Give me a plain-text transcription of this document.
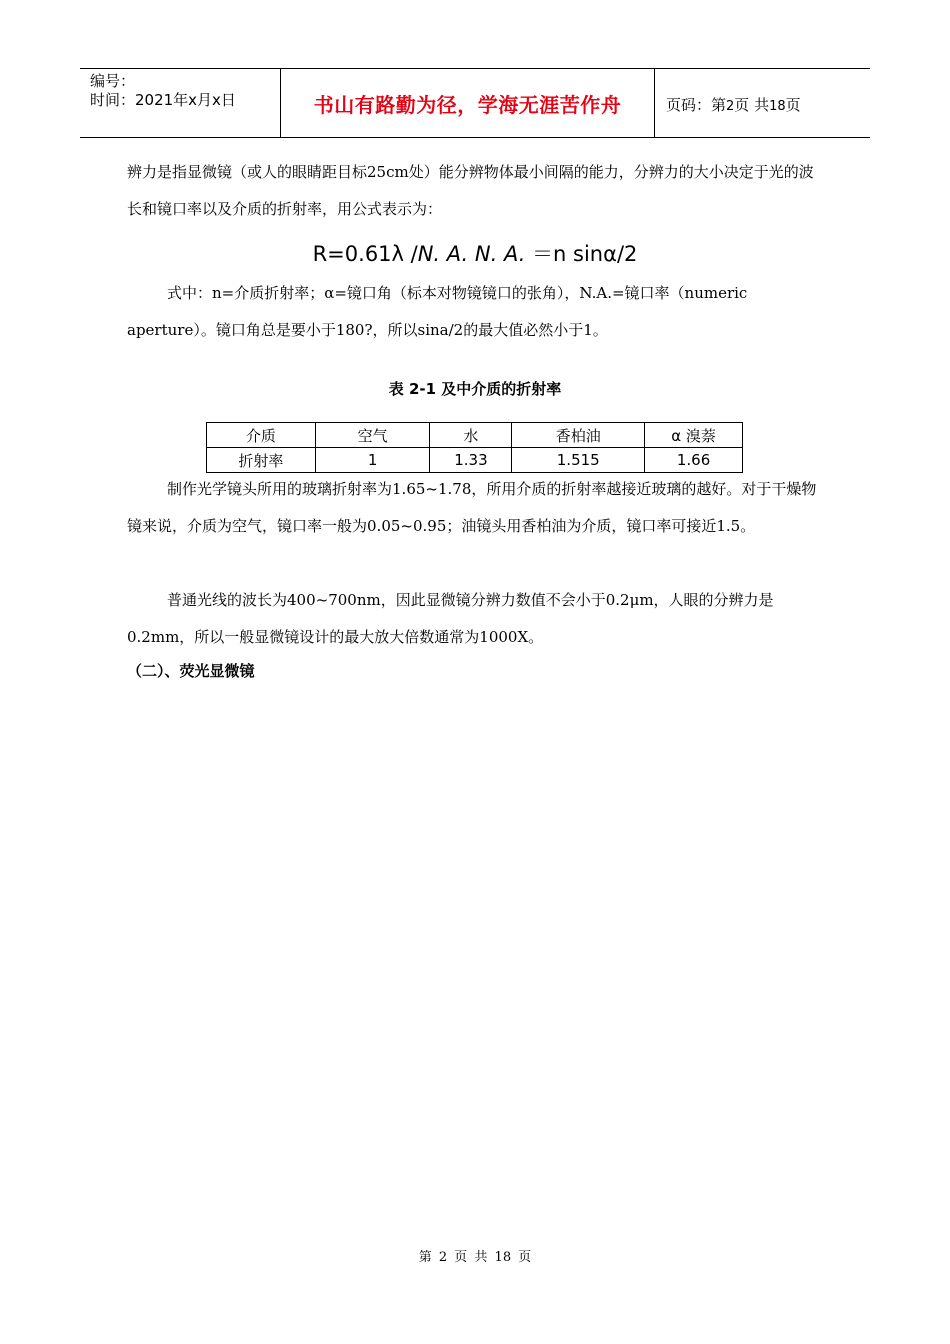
编号：
时间：2021年x月x日	书山有路勤为径，学海无涯苦作舟	页码：第2页 共18页

辨力是指显微镜（或人的眼睛距目标25cm处）能分辨物体最小间隔的能力，分辨力的大小决定于光的波长和镜口率以及介质的折射率，用公式表示为：

R=0.61λ /N. A. N. A. ＝n sinα/2

式中：n=介质折射率；α=镜口角（标本对物镜镜口的张角），N.A.=镜口率（numeric aperture）。镜口角总是要小于180?，所以sina/2的最大值必然小于1。

表 2-1 及中介质的折射率
介质	空气	水	香柏油	α 溴萘
折射率	1	1.33	1.515	1.66

制作光学镜头所用的玻璃折射率为1.65~1.78，所用介质的折射率越接近玻璃的越好。对于干燥物镜来说，介质为空气，镜口率一般为0.05~0.95；油镜头用香柏油为介质，镜口率可接近1.5。

普通光线的波长为400~700nm，因此显微镜分辨力数值不会小于0.2μm，人眼的分辨力是0.2mm，所以一般显微镜设计的最大放大倍数通常为1000X。

（二）、荧光显微镜
第 2 页 共 18 页
